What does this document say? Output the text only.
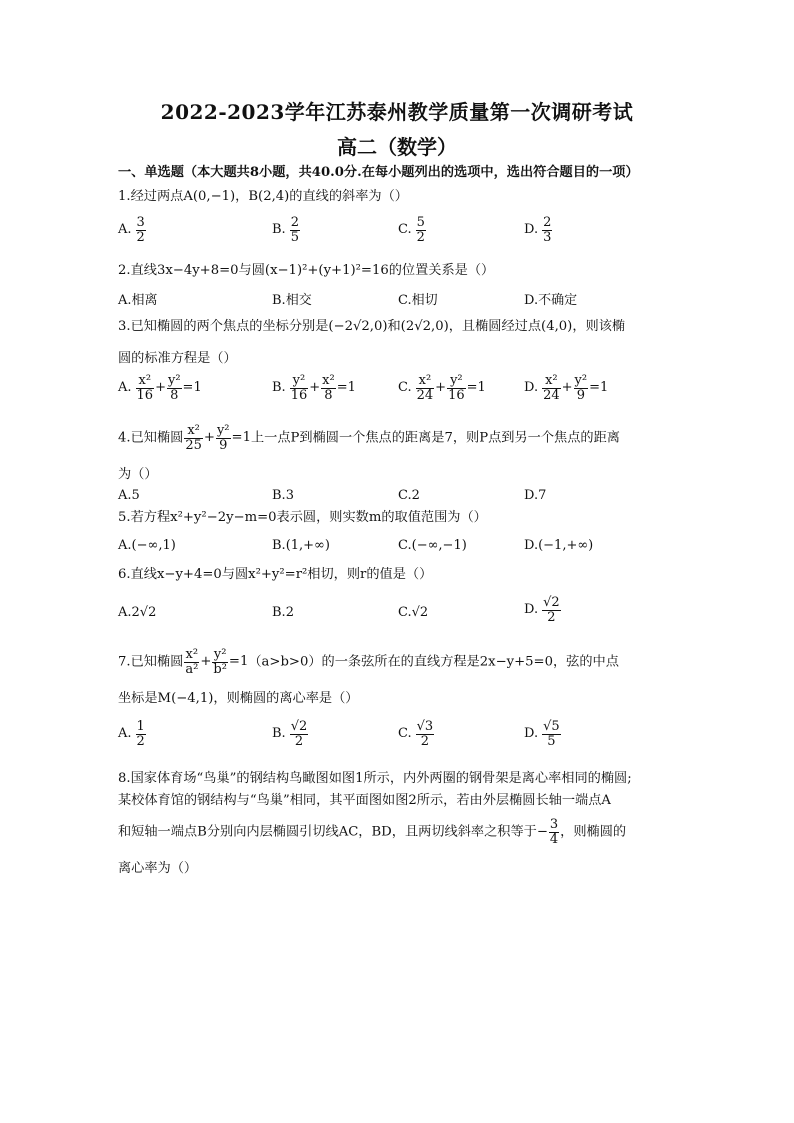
2022-2023学年江苏泰州教学质量第一次调研考试
高二（数学）
一、单选题（本大题共8小题，共40.0分.在每小题列出的选项中，选出符合题目的一项）
1.经过两点A(0,−1)，B(2,4)的直线的斜率为（）
A. $\frac{3}{2}$	B. $\frac{2}{5}$	C. $\frac{5}{2}$	D. $\frac{2}{3}$
2.直线3x−4y+8=0与圆(x−1)²+(y+1)²=16的位置关系是（）
A.相离	B.相交	C.相切	D.不确定
3.已知椭圆的两个焦点的坐标分别是(−2√2,0)和(2√2,0)，且椭圆经过点(4,0)，则该椭
圆的标准方程是（）
A. $\frac{\text{x²}}{16} + \frac{\text{y²}}{8} =1$	B. $\frac{\text{y²}}{16} + \frac{\text{x²}}{8} =1$	C. $\frac{\text{x²}}{24} + \frac{\text{y²}}{16} =1$	D. $\frac{\text{x²}}{24} + \frac{\text{y²}}{9} =1$
4.已知椭圆 $\frac{\text{x²}}{25} + \frac{\text{y²}}{9} =1$上一点P到椭圆一个焦点的距离是7，则P点到另一个焦点的距离
为（）
A.5	B.3	C.2	D.7
5.若方程x²+y²−2y−m=0表示圆，则实数m的取值范围为（）
A.(−∞,1)	B.(1,+∞)	C.(−∞,−1)	D.(−1,+∞)
6.直线x−y+4=0与圆x²+y²=r²相切，则r的值是（）
A.2√2	B.2	C.√2	D. $\frac{√2}{2}$
7.已知椭圆 $\frac{\text{x²}}{\text{a²}} + \frac{\text{y²}}{\text{b²}} =1(a>b>0)$的一条弦所在的直线方程是2x−y+5=0，弦的中点
坐标是M(−4,1)，则椭圆的离心率是（）
A. $\frac{1}{2}$	B. $\frac{√2}{2}$	C. $\frac{√3}{2}$	D. $\frac{√5}{5}$
8.国家体育场“鸟巢”的钢结构鸟瞰图如图1所示，内外两圈的钢骨架是离心率相同的椭圆;
某校体育馆的钢结构与“鸟巢”相同，其平面图如图2所示，若由外层椭圆长轴一端点A
和短轴一端点B分别向内层椭圆引切线AC，BD，且两切线斜率之积等于− $\frac{3}{4}$ ，则椭圆的
离心率为（）
